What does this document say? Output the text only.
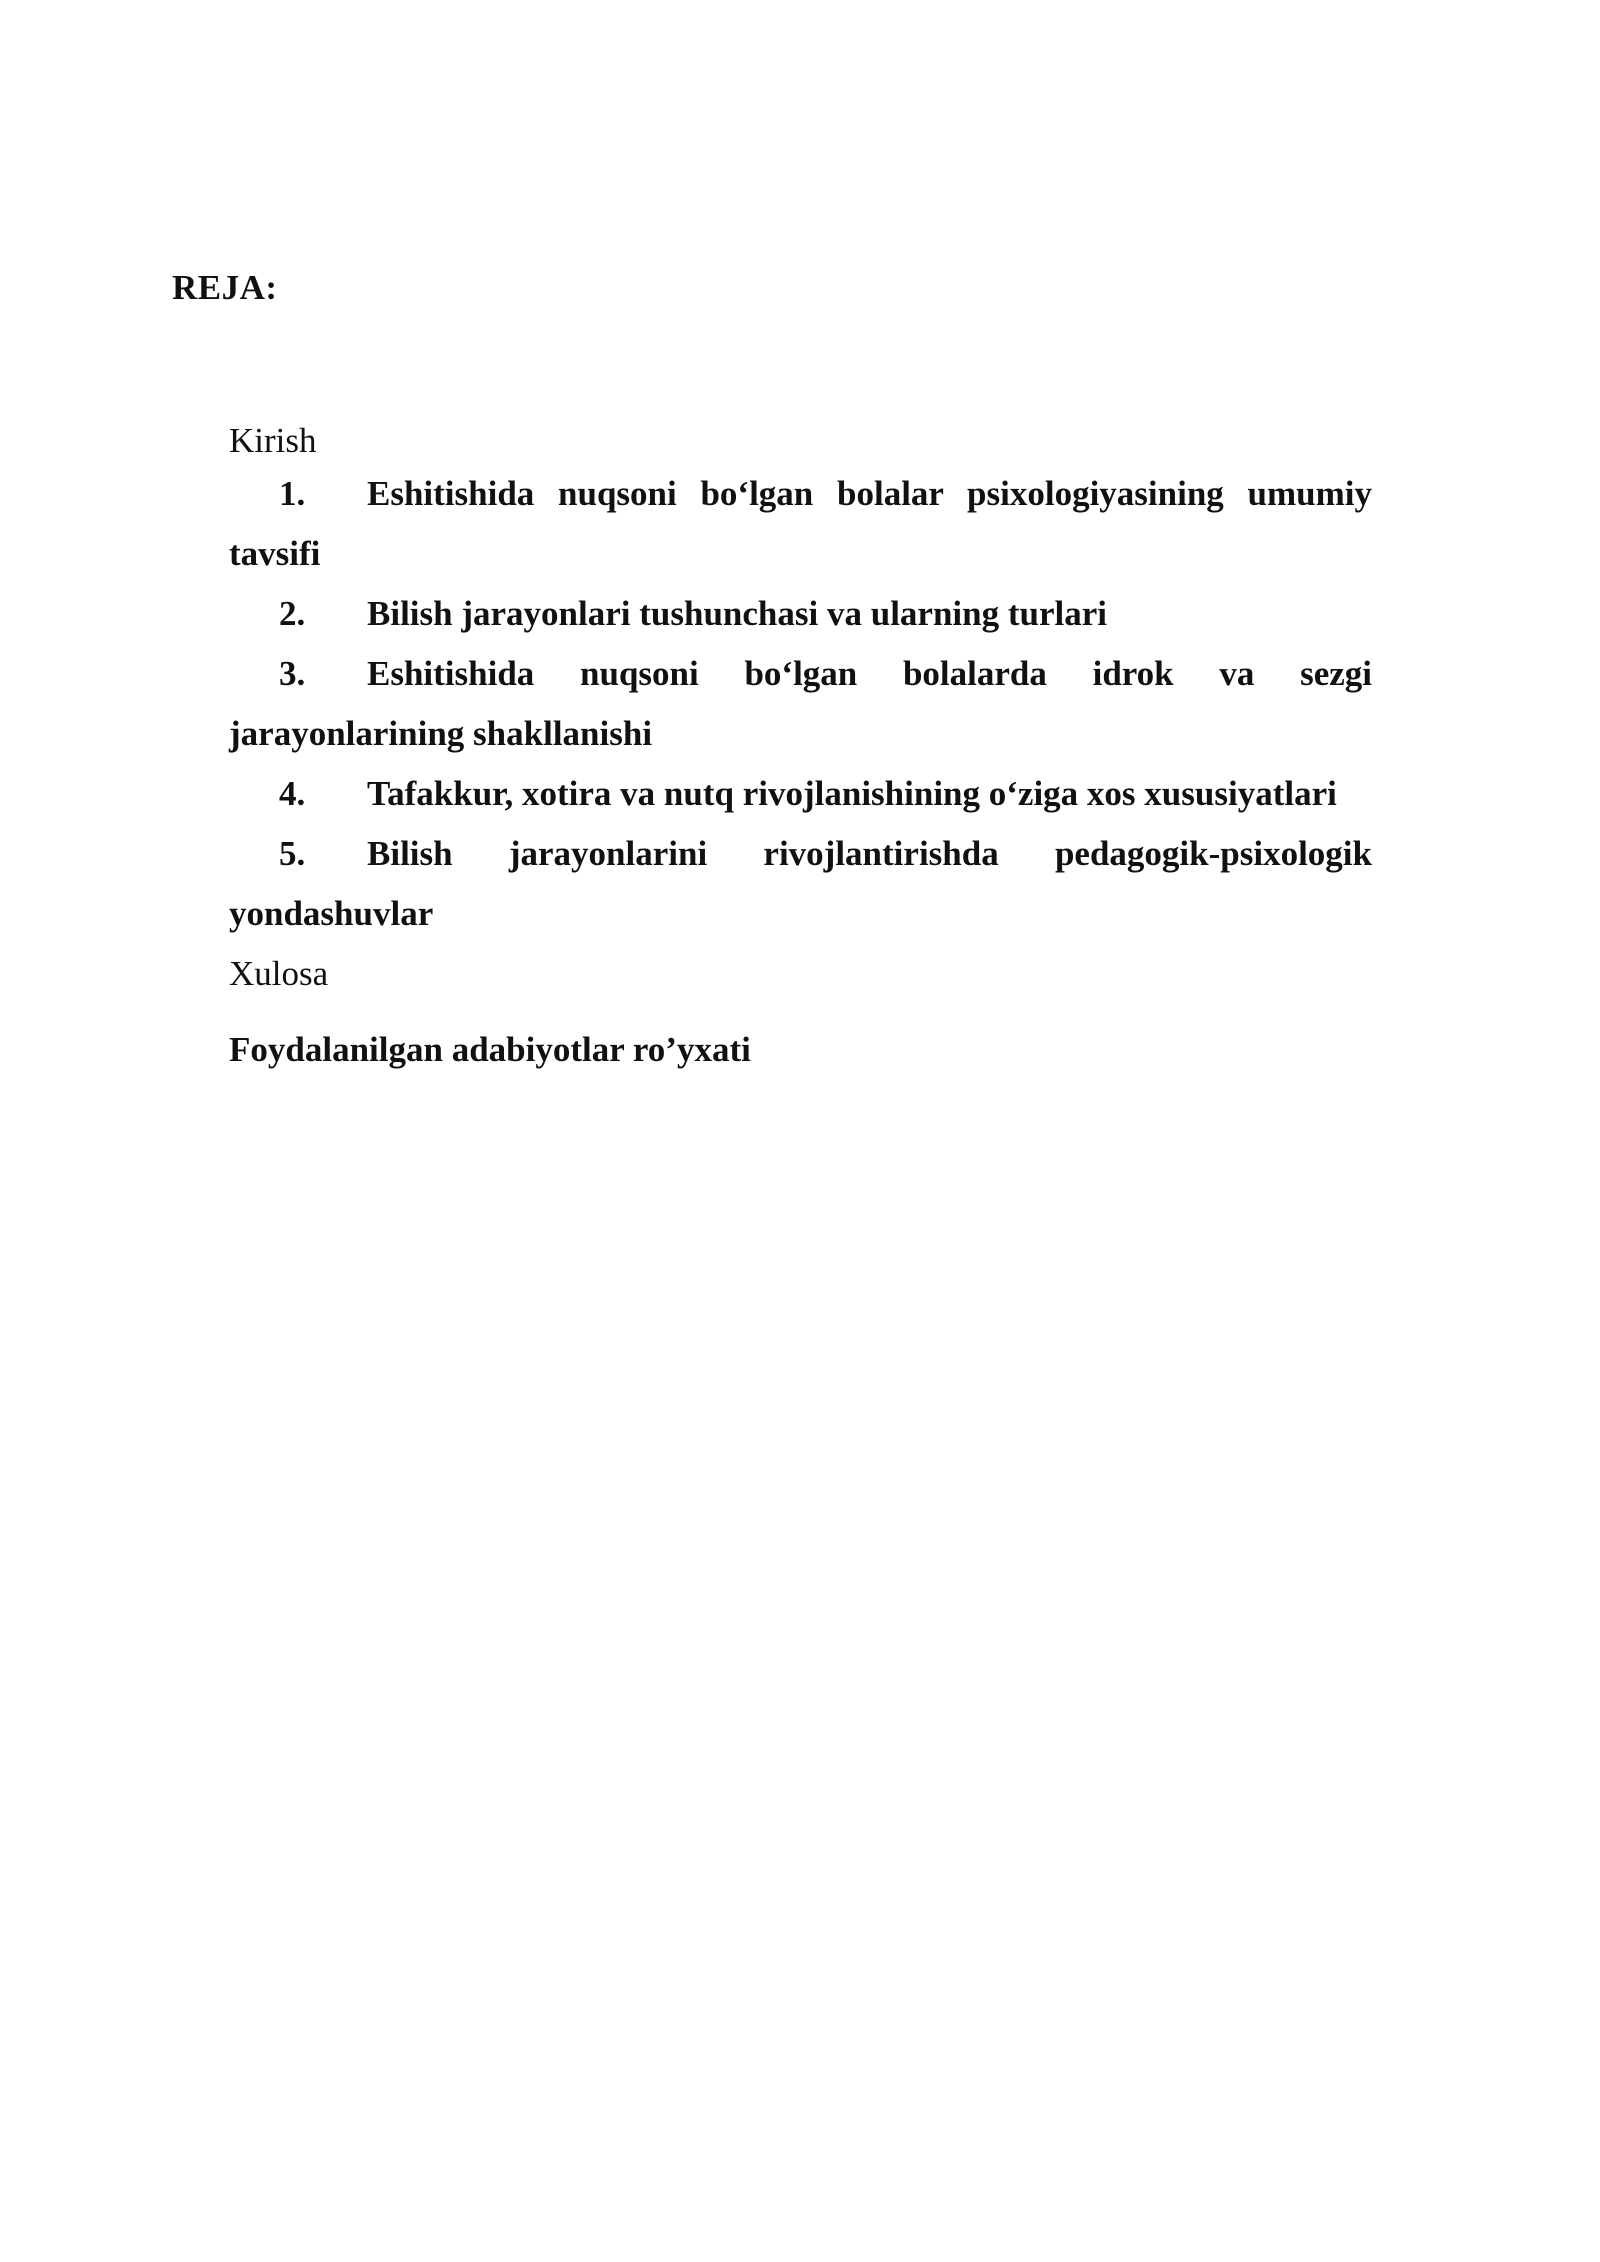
REJA:
Kirish
1. Eshitishida nuqsoni bo‘lgan bolalar psixologiyasining umumiy tavsifi
2. Bilish jarayonlari tushunchasi va ularning turlari
3. Eshitishida nuqsoni bo‘lgan bolalarda idrok va sezgi jarayonlarining shakllanishi
4. Tafakkur, xotira va nutq rivojlanishining o‘ziga xos xususiyatlari
5. Bilish jarayonlarini rivojlantirishda pedagogik-psixologik yondashuvlar
Xulosa
Foydalanilgan adabiyotlar ro’yxati
